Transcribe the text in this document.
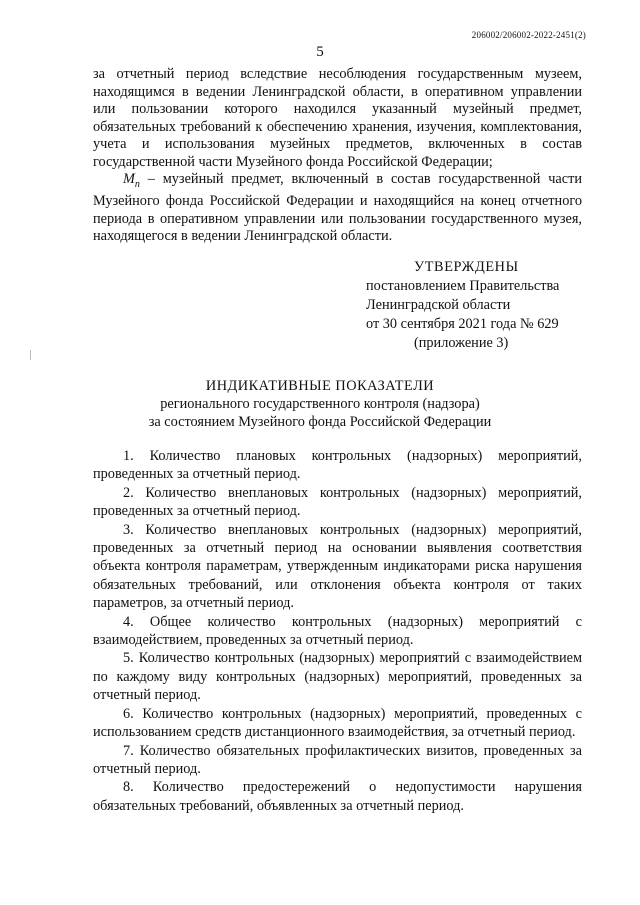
206002/206002-2022-2451(2)
5

за отчетный период вследствие несоблюдения государственным музеем, находящимся в ведении Ленинградской области, в оперативном управлении или пользовании которого находился указанный музейный предмет, обязательных требований к обеспечению хранения, изучения, комплектования, учета и использования музейных предметов, включенных в состав государственной части Музейного фонда Российской Федерации;

$M_п$ – музейный предмет, включенный в состав государственной части Музейного фонда Российской Федерации и находящийся на конец отчетного периода в оперативном управлении или пользовании государственного музея, находящегося в ведении Ленинградской области.

УТВЕРЖДЕНЫ
постановлением Правительства
Ленинградской области
от 30 сентября 2021 года № 629
(приложение 3)
ИНДИКАТИВНЫЕ ПОКАЗАТЕЛИ
регионального государственного контроля (надзора)
за состоянием Музейного фонда Российской Федерации

1. Количество плановых контрольных (надзорных) мероприятий, проведенных за отчетный период.

2. Количество внеплановых контрольных (надзорных) мероприятий, проведенных за отчетный период.

3. Количество внеплановых контрольных (надзорных) мероприятий, проведенных за отчетный период на основании выявления соответствия объекта контроля параметрам, утвержденным индикаторами риска нарушения обязательных требований, или отклонения объекта контроля от таких параметров, за отчетный период.

4. Общее количество контрольных (надзорных) мероприятий с взаимодействием, проведенных за отчетный период.

5. Количество контрольных (надзорных) мероприятий с взаимодействием по каждому виду контрольных (надзорных) мероприятий, проведенных за отчетный период.

6. Количество контрольных (надзорных) мероприятий, проведенных с использованием средств дистанционного взаимодействия, за отчетный период.

7. Количество обязательных профилактических визитов, проведенных за отчетный период.

8. Количество предостережений о недопустимости нарушения обязательных требований, объявленных за отчетный период.
